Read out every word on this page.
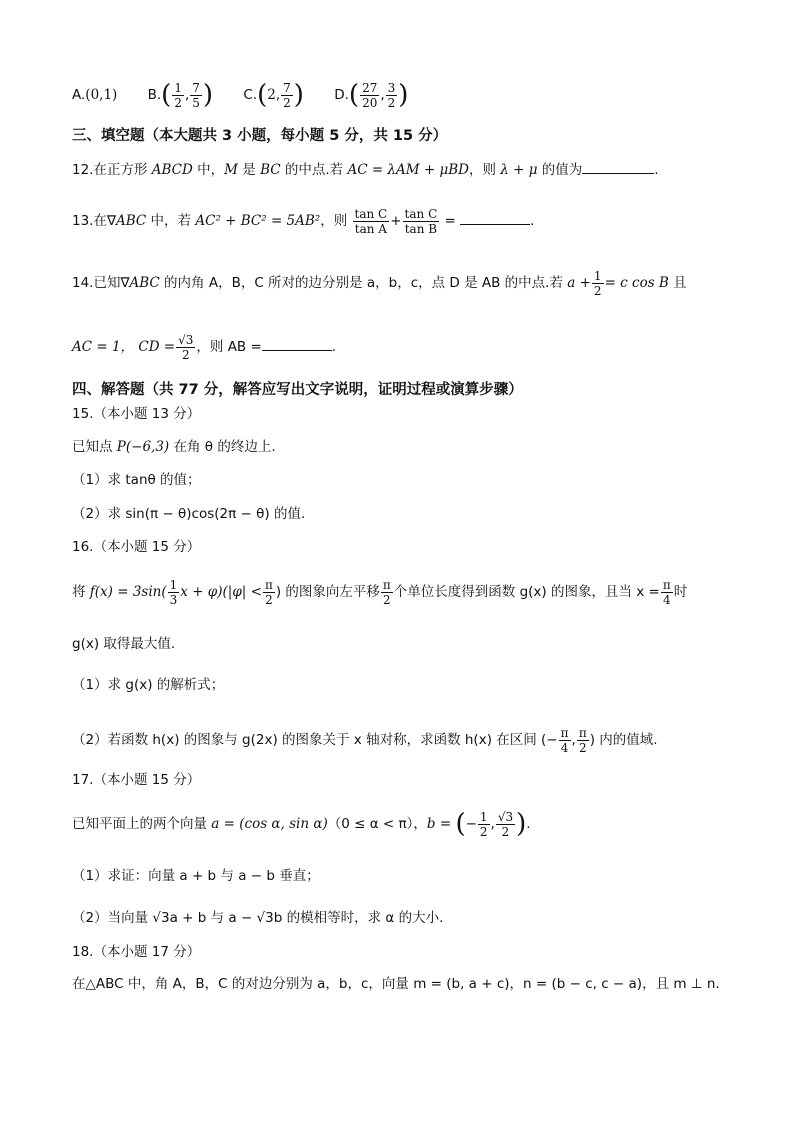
A.(0,1) $B.( \frac{1}{2}$ , $\frac{7}{5}$ ) C.(2, $\frac{7}{2}$ ) $D.( \frac{27}{20}$ , $\frac{3}{2}$ )
三、填空题（本大题共 3 小题，每小题 5 分，共 15 分）
12.在正方形 ABCD 中，M 是 BC 的中点.若 AC = λAM + μBD，则 λ + μ 的值为	.
13.在∇ABC 中，若 AC² + BC² = 5AB²，则 $\frac{\text{tan C}}{\text{tan A}} + \frac{\text{tan C}}{\text{tan B}}$ =	.
14.已知∇ABC 的内角 A，B，C 所对的边分别是 a，b，c，点 D 是 AB 的中点.若 $a + \frac{1}{2} = c$ cos B 且
AC = 1， CD = $\frac{√3}{2}$ ，则 AB =	.
四、解答题（共 77 分，解答应写出文字说明，证明过程或演算步骤）
15.（本小题 13 分）
已知点 P(−6,3) 在角 θ 的终边上.
（1）求 tanθ 的值；
（2）求 sin(π − θ)cos(2π − θ) 的值.
16.（本小题 15 分）
将 $f(x) = 3\sin( \frac{1}{3}$ $x + \varphi)(|\varphi| < \frac{\pi}{2}$ ) 的图象向左平移 $\frac{\pi}{2}$ 个单位长度得到函数 g(x) 的图象，且当 $x = \frac{\pi}{4}$ 时
g(x) 取得最大值.
（1）求 g(x) 的解析式；
（2）若函数 h(x) 的图象与 g(2x) 的图象关于 x 轴对称，求函数 h(x) 在区间 (− $\frac{\pi}{4}$ , $\frac{\pi}{2}$ ) 内的值域.
17.（本小题 15 分）
已知平面上的两个向量 a = (cos α, sin α)（0 ≤ α < π），b = (− $\frac{1}{2}$ , $\frac{√3}{2}$ ).
（1）求证：向量 a + b 与 a − b 垂直；
（2）当向量 √3a + b 与 a − √3b 的模相等时，求 α 的大小.
18.（本小题 17 分）
在△ABC 中，角 A，B，C 的对边分别为 a，b，c，向量 m = (b, a + c)，n = (b − c, c − a)，且 m ⊥ n.
